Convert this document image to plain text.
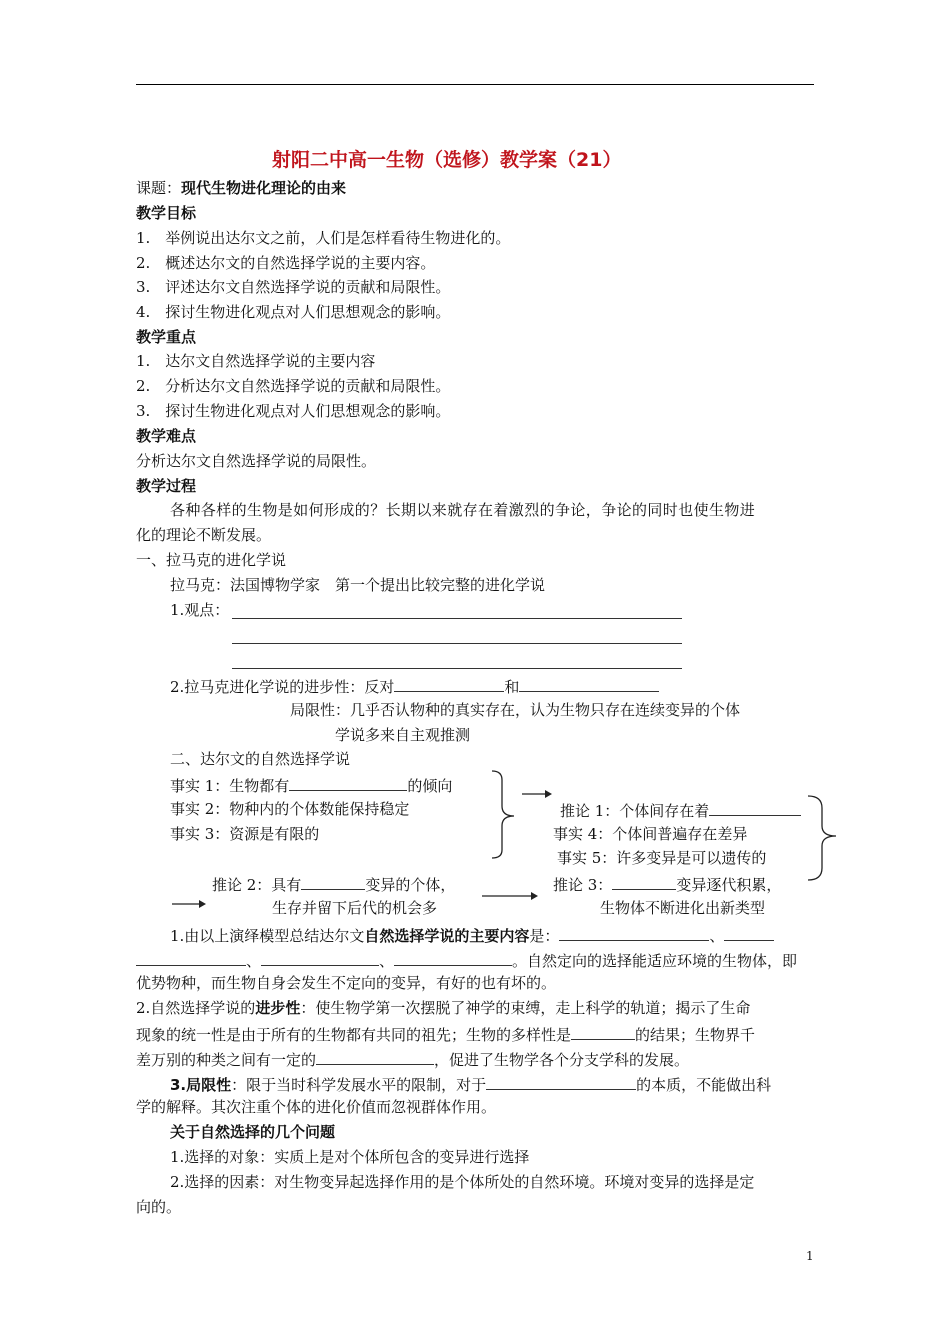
射阳二中高一生物（选修）教学案（21）
课题：现代生物进化理论的由来
教学目标
1.　举例说出达尔文之前，人们是怎样看待生物进化的。
2.　概述达尔文的自然选择学说的主要内容。
3.　评述达尔文自然选择学说的贡献和局限性。
4.　探讨生物进化观点对人们思想观念的影响。
教学重点
1.　达尔文自然选择学说的主要内容
2.　分析达尔文自然选择学说的贡献和局限性。
3.　探讨生物进化观点对人们思想观念的影响。
教学难点
分析达尔文自然选择学说的局限性。
教学过程
各种各样的生物是如何形成的？长期以来就存在着激烈的争论，争论的同时也使生物进
化的理论不断发展。
一、拉马克的进化学说
拉马克：法国博物学家　第一个提出比较完整的进化学说
1.观点：
2.拉马克进化学说的进步性：反对	和
局限性：几乎否认物种的真实存在，认为生物只存在连续变异的个体
学说多来自主观推测
二、达尔文的自然选择学说
事实 1：生物都有	的倾向
事实 2：物种内的个体数能保持稳定
事实 3：资源是有限的
推论 1：个体间存在着
事实 4：个体间普遍存在差异
事实 5：许多变异是可以遗传的
推论 2：具有	变异的个体，
生存并留下后代的机会多
推论 3：	变异逐代积累，
生物体不断进化出新类型
1.由以上演绎模型总结达尔文自然选择学说的主要内容是：	、
、	、	。自然定向的选择能适应环境的生物体，即
优势物种，而生物自身会发生不定向的变异，有好的也有坏的。
2.自然选择学说的进步性：使生物学第一次摆脱了神学的束缚，走上科学的轨道；揭示了生命
现象的统一性是由于所有的生物都有共同的祖先；生物的多样性是	的结果；生物界千
差万别的种类之间有一定的	，促进了生物学各个分支学科的发展。
3.局限性：限于当时科学发展水平的限制，对于	的本质，不能做出科
学的解释。其次注重个体的进化价值而忽视群体作用。
关于自然选择的几个问题
1.选择的对象：实质上是对个体所包含的变异进行选择
2.选择的因素：对生物变异起选择作用的是个体所处的自然环境。环境对变异的选择是定
向的。
1
